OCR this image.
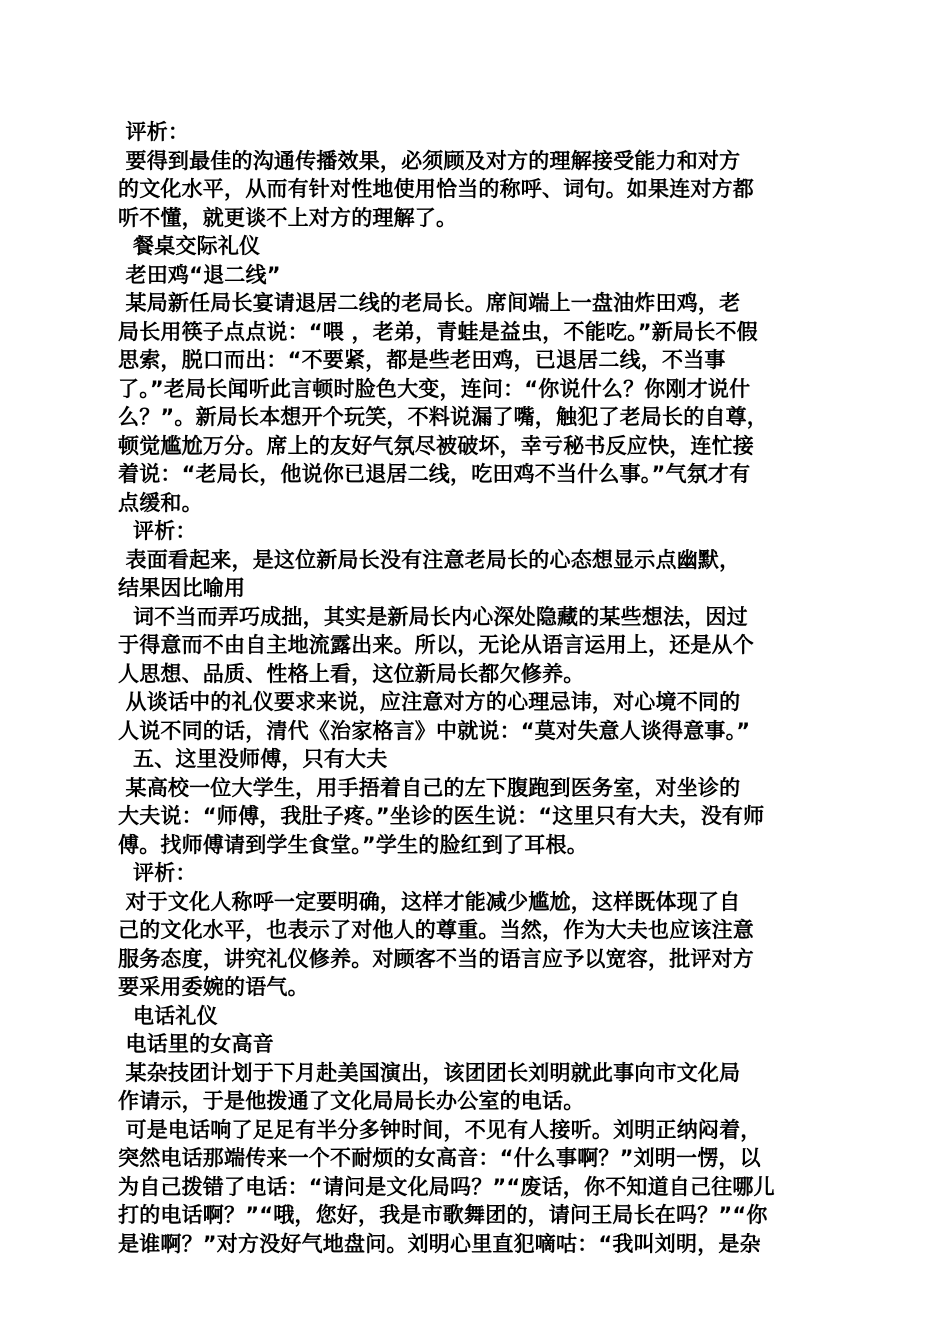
评析：
要得到最佳的沟通传播效果，必须顾及对方的理解接受能力和对方
的文化水平，从而有针对性地使用恰当的称呼、词句。如果连对方都
听不懂，就更谈不上对方的理解了。
餐桌交际礼仪
老田鸡“退二线”
某局新任局长宴请退居二线的老局长。席间端上一盘油炸田鸡，老
局长用筷子点点说：“喂 ，老弟，青蛙是益虫，不能吃。”新局长不假
思索，脱口而出：“不要紧，都是些老田鸡，已退居二线，不当事
了。”老局长闻听此言顿时脸色大变，连问：“你说什么？你刚才说什
么？”。新局长本想开个玩笑，不料说漏了嘴，触犯了老局长的自尊，
顿觉尴尬万分。席上的友好气氛尽被破坏，幸亏秘书反应快，连忙接
着说：“老局长，他说你已退居二线，吃田鸡不当什么事。”气氛才有
点缓和。
评析：
表面看起来，是这位新局长没有注意老局长的心态想显示点幽默，
结果因比喻用
词不当而弄巧成拙，其实是新局长内心深处隐藏的某些想法，因过
于得意而不由自主地流露出来。所以，无论从语言运用上，还是从个
人思想、品质、性格上看，这位新局长都欠修养。
从谈话中的礼仪要求来说，应注意对方的心理忌讳，对心境不同的
人说不同的话，清代《治家格言》中就说：“莫对失意人谈得意事。”
五、这里没师傅，只有大夫
某高校一位大学生，用手捂着自己的左下腹跑到医务室，对坐诊的
大夫说：“师傅，我肚子疼。”坐诊的医生说：“这里只有大夫，没有师
傅。找师傅请到学生食堂。”学生的脸红到了耳根。
评析：
对于文化人称呼一定要明确，这样才能减少尴尬，这样既体现了自
己的文化水平，也表示了对他人的尊重。当然，作为大夫也应该注意
服务态度，讲究礼仪修养。对顾客不当的语言应予以宽容，批评对方
要采用委婉的语气。
电话礼仪
电话里的女高音
某杂技团计划于下月赴美国演出，该团团长刘明就此事向市文化局
作请示，于是他拨通了文化局局长办公室的电话。
可是电话响了足足有半分多钟时间，不见有人接听。刘明正纳闷着，
突然电话那端传来一个不耐烦的女高音：“什么事啊？”刘明一愣，以
为自己拨错了电话：“请问是文化局吗？”“废话，你不知道自己往哪儿
打的电话啊？”“哦，您好，我是市歌舞团的，请问王局长在吗？”“你
是谁啊？”对方没好气地盘问。刘明心里直犯嘀咕：“我叫刘明，是杂
